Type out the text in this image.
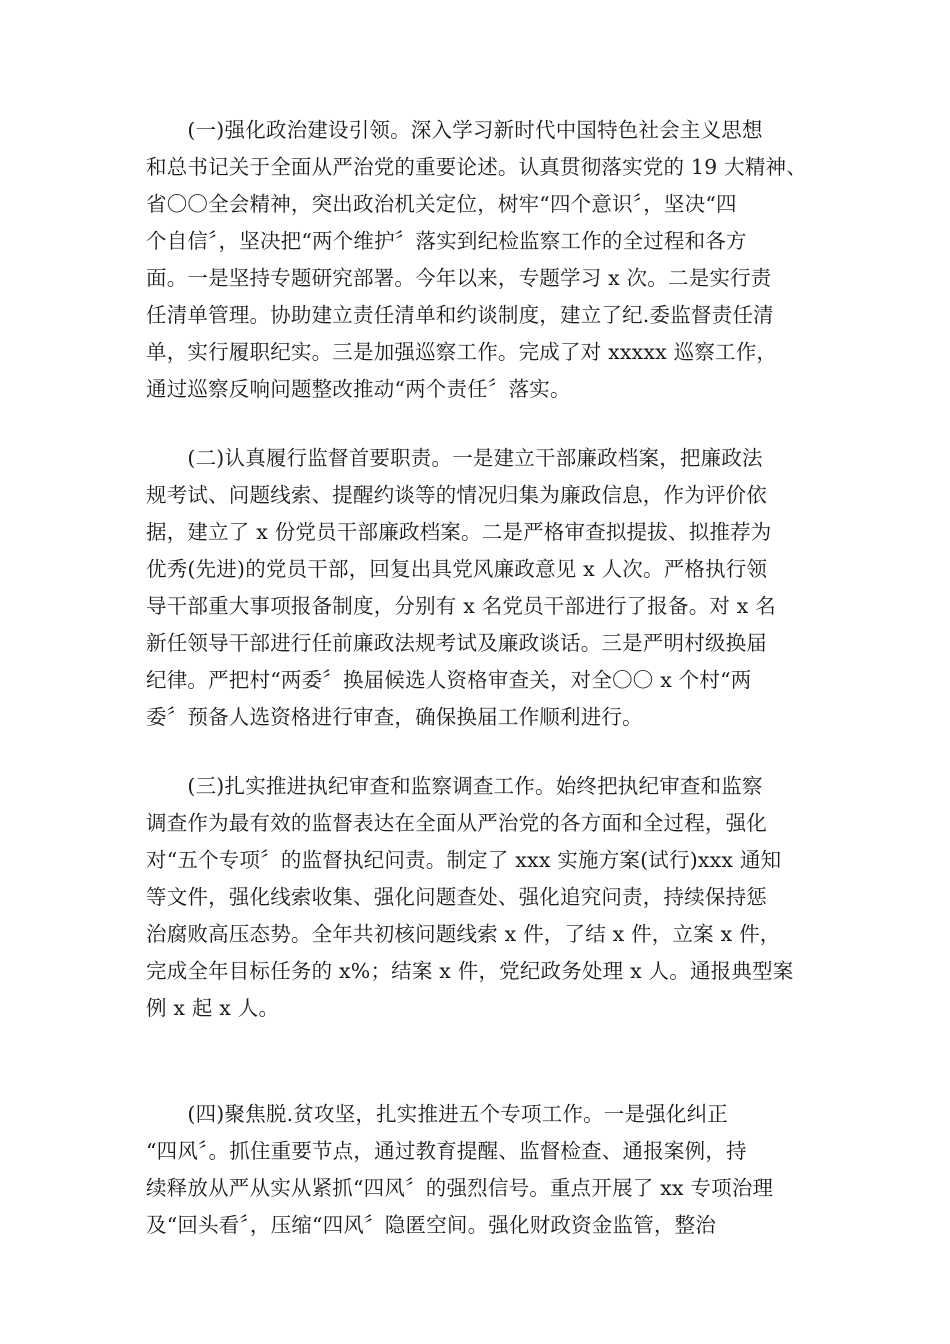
　　(一)强化政治建设引领。深入学习新时代中国特色社会主义思想
和总书记关于全面从严治党的重要论述。认真贯彻落实党的 19 大精神、
省〇〇全会精神，突出政治机关定位，树牢“四个意识〞，坚决“四
个自信〞，坚决把“两个维护〞落实到纪检监察工作的全过程和各方
面。一是坚持专题研究部署。今年以来，专题学习 x 次。二是实行责
任清单管理。协助建立责任清单和约谈制度，建立了纪.委监督责任清
单，实行履职纪实。三是加强巡察工作。完成了对 xxxxx 巡察工作，
通过巡察反响问题整改推动“两个责任〞落实。
　　(二)认真履行监督首要职责。一是建立干部廉政档案，把廉政法
规考试、问题线索、提醒约谈等的情况归集为廉政信息，作为评价依
据，建立了 x 份党员干部廉政档案。二是严格审查拟提拔、拟推荐为
优秀(先进)的党员干部，回复出具党风廉政意见 x 人次。严格执行领
导干部重大事项报备制度，分别有 x 名党员干部进行了报备。对 x 名
新任领导干部进行任前廉政法规考试及廉政谈话。三是严明村级换届
纪律。严把村“两委〞换届候选人资格审查关，对全〇〇 x 个村“两
委〞预备人选资格进行审查，确保换届工作顺利进行。
　　(三)扎实推进执纪审查和监察调查工作。始终把执纪审查和监察
调查作为最有效的监督表达在全面从严治党的各方面和全过程，强化
对“五个专项〞的监督执纪问责。制定了 xxx 实施方案(试行)xxx 通知
等文件，强化线索收集、强化问题查处、强化追究问责，持续保持惩
治腐败高压态势。全年共初核问题线索 x 件，了结 x 件，立案 x 件，
完成全年目标任务的 x%；结案 x 件，党纪政务处理 x 人。通报典型案
例 x 起 x 人。
　　(四)聚焦脱.贫攻坚，扎实推进五个专项工作。一是强化纠正
“四风〞。抓住重要节点，通过教育提醒、监督检查、通报案例，持
续释放从严从实从紧抓“四风〞的强烈信号。重点开展了 xx 专项治理
及“回头看〞，压缩“四风〞隐匿空间。强化财政资金监管，整治
